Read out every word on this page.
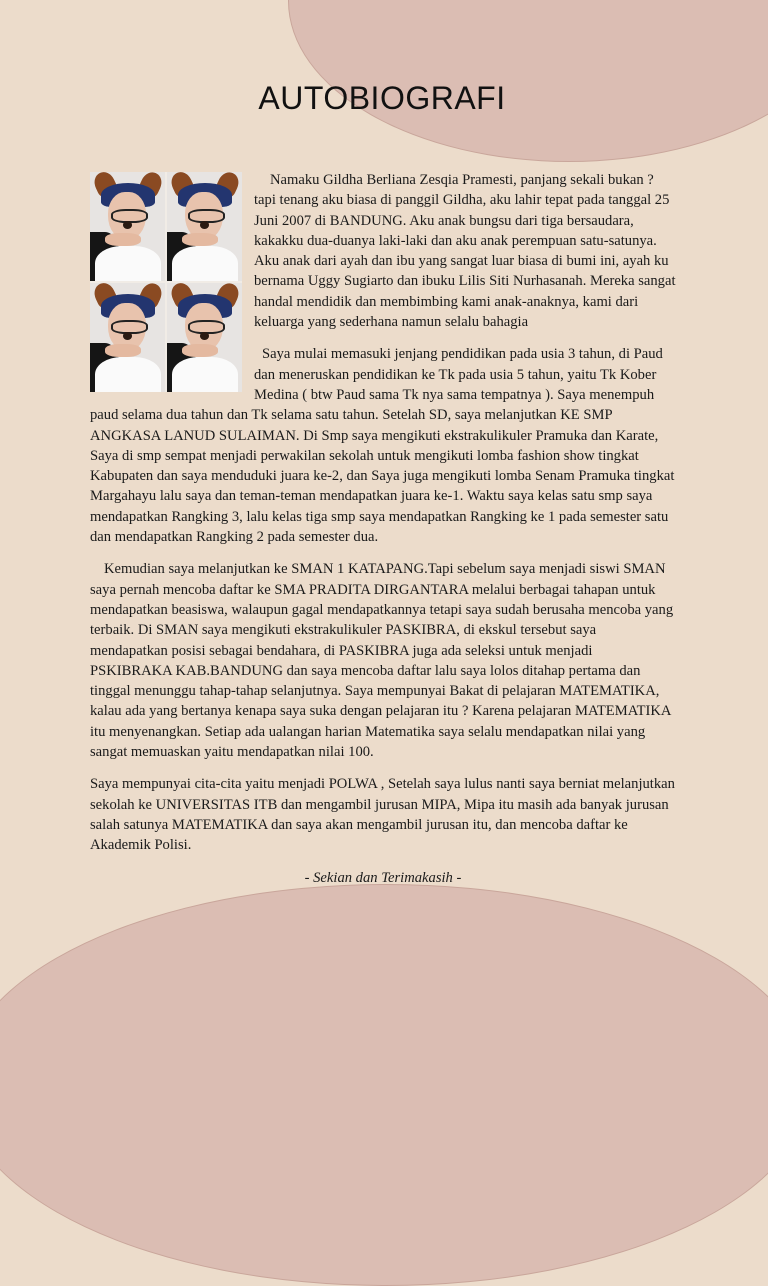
AUTOBIOGRAFI

Namaku Gildha Berliana Zesqia Pramesti, panjang sekali bukan ? tapi tenang aku biasa di panggil Gildha, aku lahir tepat pada tanggal 25 Juni 2007 di BANDUNG. Aku anak bungsu dari tiga bersaudara, kakakku dua-duanya laki-laki dan aku anak perempuan satu-satunya. Aku anak dari ayah dan ibu yang sangat luar biasa di bumi ini, ayah ku bernama Uggy Sugiarto dan ibuku Lilis Siti Nurhasanah. Mereka sangat handal mendidik dan membimbing kami anak-anaknya, kami dari keluarga yang sederhana namun selalu bahagia

Saya mulai memasuki jenjang pendidikan pada usia 3 tahun, di Paud dan meneruskan pendidikan ke Tk pada usia 5 tahun, yaitu Tk Kober Medina ( btw Paud sama Tk nya sama tempatnya ). Saya menempuh paud selama dua tahun dan Tk selama satu tahun. Setelah SD, saya melanjutkan KE SMP ANGKASA LANUD SULAIMAN. Di Smp saya mengikuti ekstrakulikuler Pramuka dan Karate, Saya di smp sempat menjadi perwakilan sekolah untuk mengikuti lomba fashion show tingkat Kabupaten dan saya menduduki juara ke-2, dan Saya juga mengikuti lomba Senam Pramuka tingkat Margahayu lalu saya dan teman-teman mendapatkan juara ke-1. Waktu saya kelas satu smp saya mendapatkan Rangking 3, lalu kelas tiga smp saya mendapatkan Rangking ke 1 pada semester satu dan mendapatkan Rangking 2 pada semester dua.

Kemudian saya melanjutkan ke SMAN 1 KATAPANG.Tapi sebelum saya menjadi siswi SMAN saya pernah mencoba daftar ke SMA PRADITA DIRGANTARA melalui berbagai tahapan untuk mendapatkan beasiswa, walaupun gagal mendapatkannya tetapi saya sudah berusaha mencoba yang terbaik. Di SMAN saya mengikuti ekstrakulikuler PASKIBRA, di ekskul tersebut saya mendapatkan posisi sebagai bendahara, di PASKIBRA juga ada seleksi untuk menjadi PSKIBRAKA KAB.BANDUNG dan saya mencoba daftar lalu saya lolos ditahap pertama dan tinggal menunggu tahap-tahap selanjutnya. Saya mempunyai Bakat di pelajaran MATEMATIKA, kalau ada yang bertanya kenapa saya suka dengan pelajaran itu ? Karena pelajaran MATEMATIKA itu menyenangkan. Setiap ada ualangan harian Matematika saya selalu mendapatkan nilai yang sangat memuaskan yaitu mendapatkan nilai 100.

Saya mempunyai cita-cita yaitu menjadi POLWA , Setelah saya lulus nanti saya berniat melanjutkan sekolah ke UNIVERSITAS ITB dan mengambil jurusan MIPA, Mipa itu masih ada banyak jurusan salah satunya MATEMATIKA dan saya akan mengambil jurusan itu, dan mencoba daftar ke Akademik Polisi.

- Sekian dan Terimakasih -
